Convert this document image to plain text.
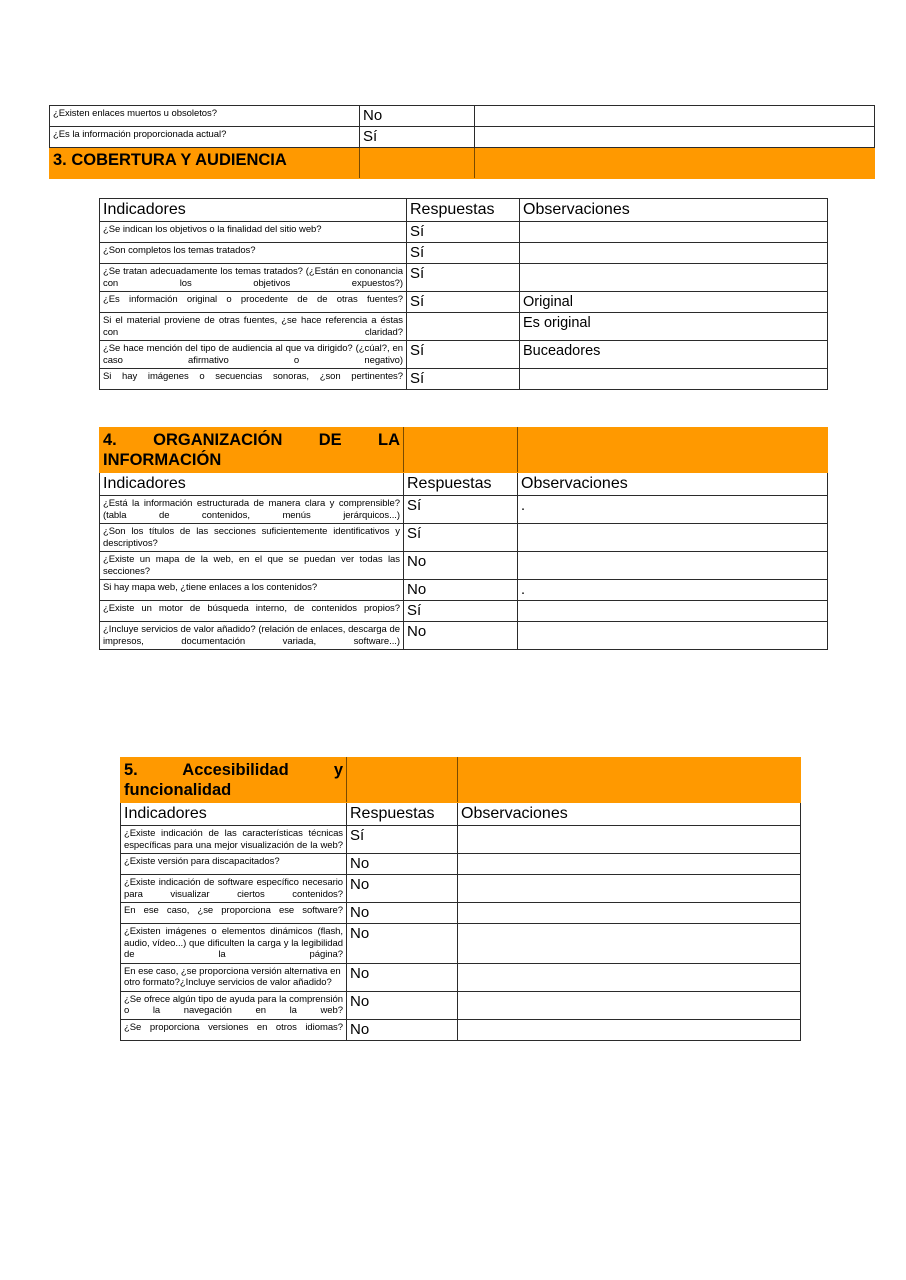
¿Existen enlaces muertos u obsoletos?	No	
¿Es la información proporcionada actual?	Sí	
3. COBERTURA Y AUDIENCIA		
Indicadores	Respuestas	Observaciones
¿Se indican los objetivos o la finalidad del sitio web?	Sí	
¿Son completos los temas tratados?	Sí	
¿Se tratan adecuadamente los temas tratados? (¿Están en cononancia con los objetivos expuestos?)	Sí	
¿Es información original o procedente de de otras fuentes?	Sí	Original
Si el material proviene de otras fuentes, ¿se hace referencia a éstas con claridad?		Es original
¿Se hace mención del tipo de audiencia al que va dirigido? (¿cúal?, en caso afirmativo o negativo)	Sí	Buceadores
Si hay imágenes o secuencias sonoras, ¿son pertinentes?	Sí	
4. ORGANIZACIÓN DE LA INFORMACIÓN		
Indicadores	Respuestas	Observaciones
¿Está la información estructurada de manera clara y comprensible? (tabla de contenidos, menús jerárquicos...)	Sí	.
¿Son los títulos de las secciones suficientemente identificativos y descriptivos?	Sí	
¿Existe un mapa de la web, en el que se puedan ver todas las secciones?	No	
Si hay mapa web, ¿tiene enlaces a los contenidos?	No	.
¿Existe un motor de búsqueda interno, de contenidos propios?	Sí	
¿Incluye servicios de valor añadido? (relación de enlaces, descarga de impresos, documentación variada, software...)	No	
5. Accesibilidad y funcionalidad		
Indicadores	Respuestas	Observaciones
¿Existe indicación de las características técnicas específicas para una mejor visualización de la web?	Sí	
¿Existe versión para discapacitados?	No	
¿Existe indicación de software específico necesario para visualizar ciertos contenidos?	No	
En ese caso, ¿se proporciona ese software?	No	
¿Existen imágenes o elementos dinámicos (flash, audio, vídeo...) que dificulten la carga y la legibilidad de la página?	No	
En ese caso, ¿se proporciona versión alternativa en otro formato?¿Incluye servicios de valor añadido?	No	
¿Se ofrece algún tipo de ayuda para la comprensión o la navegación en la web?	No	
¿Se proporciona versiones en otros idiomas?	No	
